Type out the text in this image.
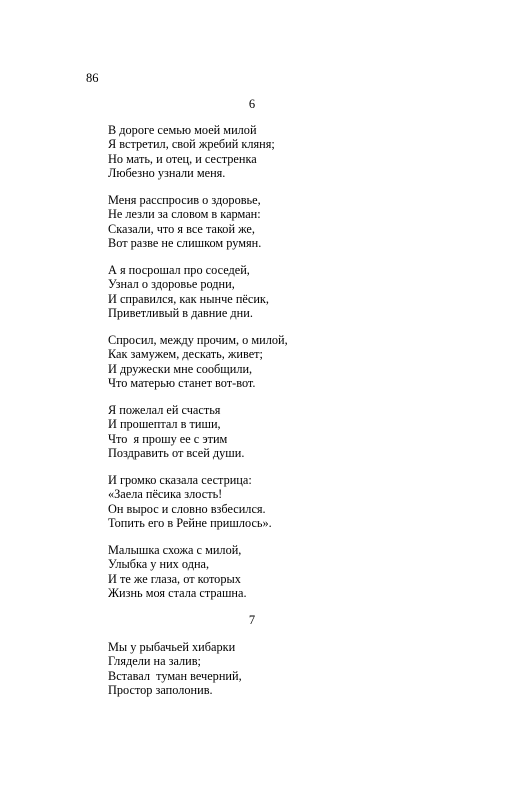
86
6
В дороге семью моей милой
Я встретил, свой жребий кляня;
Но мать, и отец, и сестренка
Любезно узнали меня.
Меня расспросив о здоровье,
Не лезли за словом в карман:
Сказали, что я все такой же,
Вот разве не слишком румян.
А я посрошал про соседей,
Узнал о здоровье родни,
И справился, как нынче пёсик,
Приветливый в давние дни.
Спросил, между прочим, о милой,
Как замужем, дескать, живет;
И дружески мне сообщили,
Что матерью станет вот-вот.
Я пожелал ей счастья
И прошептал в тиши,
Что  я прошу ее с этим
Поздравить от всей души.
И громко сказала сестрица:
«Заела пёсика злость!
Он вырос и словно взбесился.
Топить его в Рейне пришлось».
Малышка схожа с милой,
Улыбка у них одна,
И те же глаза, от которых
Жизнь моя стала страшна.
7
Мы у рыбачьей хибарки
Глядели на залив;
Вставал  туман вечерний,
Простор заполонив.
